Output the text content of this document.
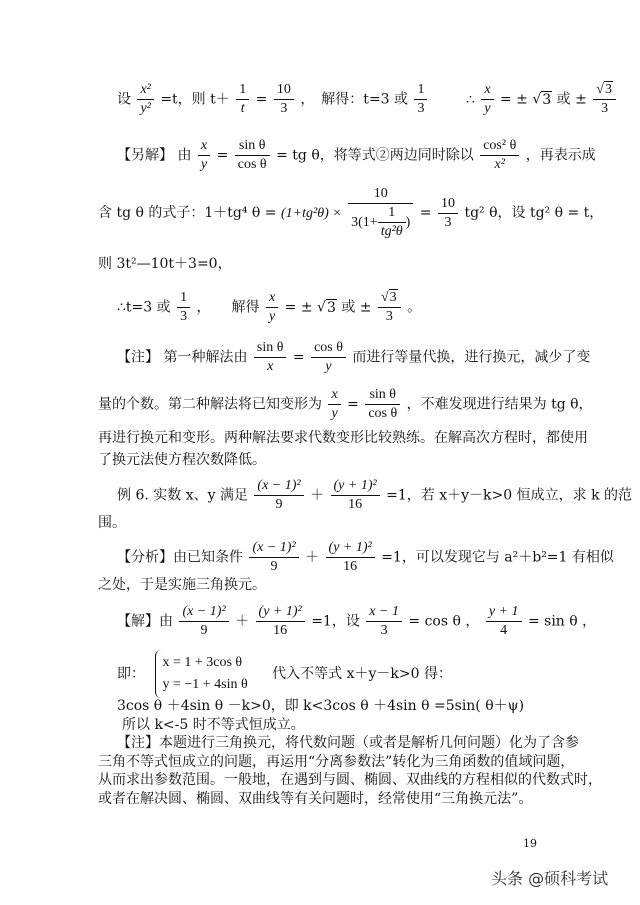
设 $\frac{\text{x²}}{\text{y²}} =t$，则 $t+ \frac{1}{t} = \frac{10}{3}$ ，　解得：t=3 或 $\frac{1}{3}$	∴ $\frac{x}{y}$ = ± √3 或 ± $\frac{√3}{3}$
【另解】 由 $\frac{x}{y} = \frac{\text{sin θ}}{\text{cos θ}}$ = tg θ，将等式②两边同时除以 $\frac{\text{cos² θ}}{\text{x²}}$ ，再表示成
含 tg θ 的式子：1＋tg⁴ $\theta = (1+tg^2\theta) \times \frac{10}{3(1+ \frac{1}{\text{tg²θ}} )} = \frac{10}{3} tg^2$ θ，设 tg² θ = t，
则 3t²—10t＋3=0，
∴t=3 或 $\frac{1}{3}$ ，　　解得 $\frac{x}{y}$ = ± √3 或 ± $\frac{√3}{3}$ 。
【注】 第一种解法由 $\frac{\text{sin θ}}{x} = \frac{\text{cos θ}}{y}$ 而进行等量代换，进行换元，减少了变
量的个数。第二种解法将已知变形为 $\frac{x}{y} = \frac{\text{sin θ}}{\text{cos θ}}$ ，不难发现进行结果为 tg θ，
再进行换元和变形。两种解法要求代数变形比较熟练。在解高次方程时，都使用
了换元法使方程次数降低。
例 6. 实数 x、y 满足 $\frac{\text{(x − 1)²}}{9} + \frac{\text{(y + 1)²}}{16} =1$，若 x＋y－k>0 恒成立，求 k 的范
围。
【分析】由已知条件 $\frac{\text{(x − 1)²}}{9} + \frac{\text{(y + 1)²}}{16} =1$，可以发现它与 a²＋b²=1 有相似
之处，于是实施三角换元。
【解】由 $\frac{\text{(x − 1)²}}{9} + \frac{\text{(y + 1)²}}{16} =1$，设 $\frac{x - 1}{3} = \cos \theta$ ， $\frac{y + 1}{4} = \sin \theta$ ，
即：
x = 1 + 3cos θ
y = −1 + 4sin θ
代入不等式 x＋y－k>0 得：
3cos θ ＋4sin θ －k>0，即 k<3cos θ ＋4sin θ =5sin( θ＋ψ)
所以 k<-5 时不等式恒成立。
【注】本题进行三角换元，将代数问题（或者是解析几何问题）化为了含参
三角不等式恒成立的问题，再运用“分离参数法”转化为三角函数的值域问题，
从而求出参数范围。一般地，在遇到与圆、椭圆、双曲线的方程相似的代数式时，
或者在解决圆、椭圆、双曲线等有关问题时，经常使用“三角换元法”。
19
头条 @硕科考试
